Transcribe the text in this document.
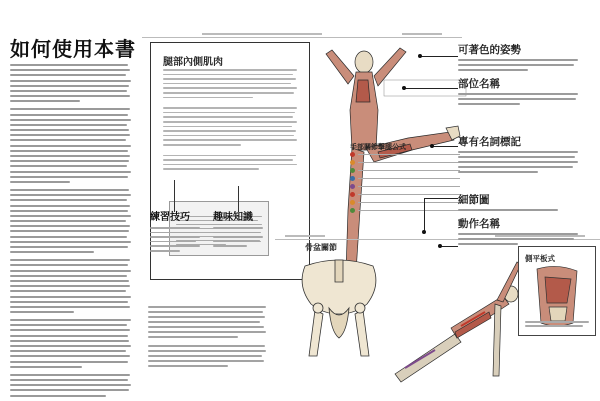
如何使用本書
腿部內側肌肉
手部關節擊腿公式
練習技巧	趣味知識
骨盆關節
側平板式
可著色的姿勢
部位名稱
專有名詞標記
細節圖
動作名稱
